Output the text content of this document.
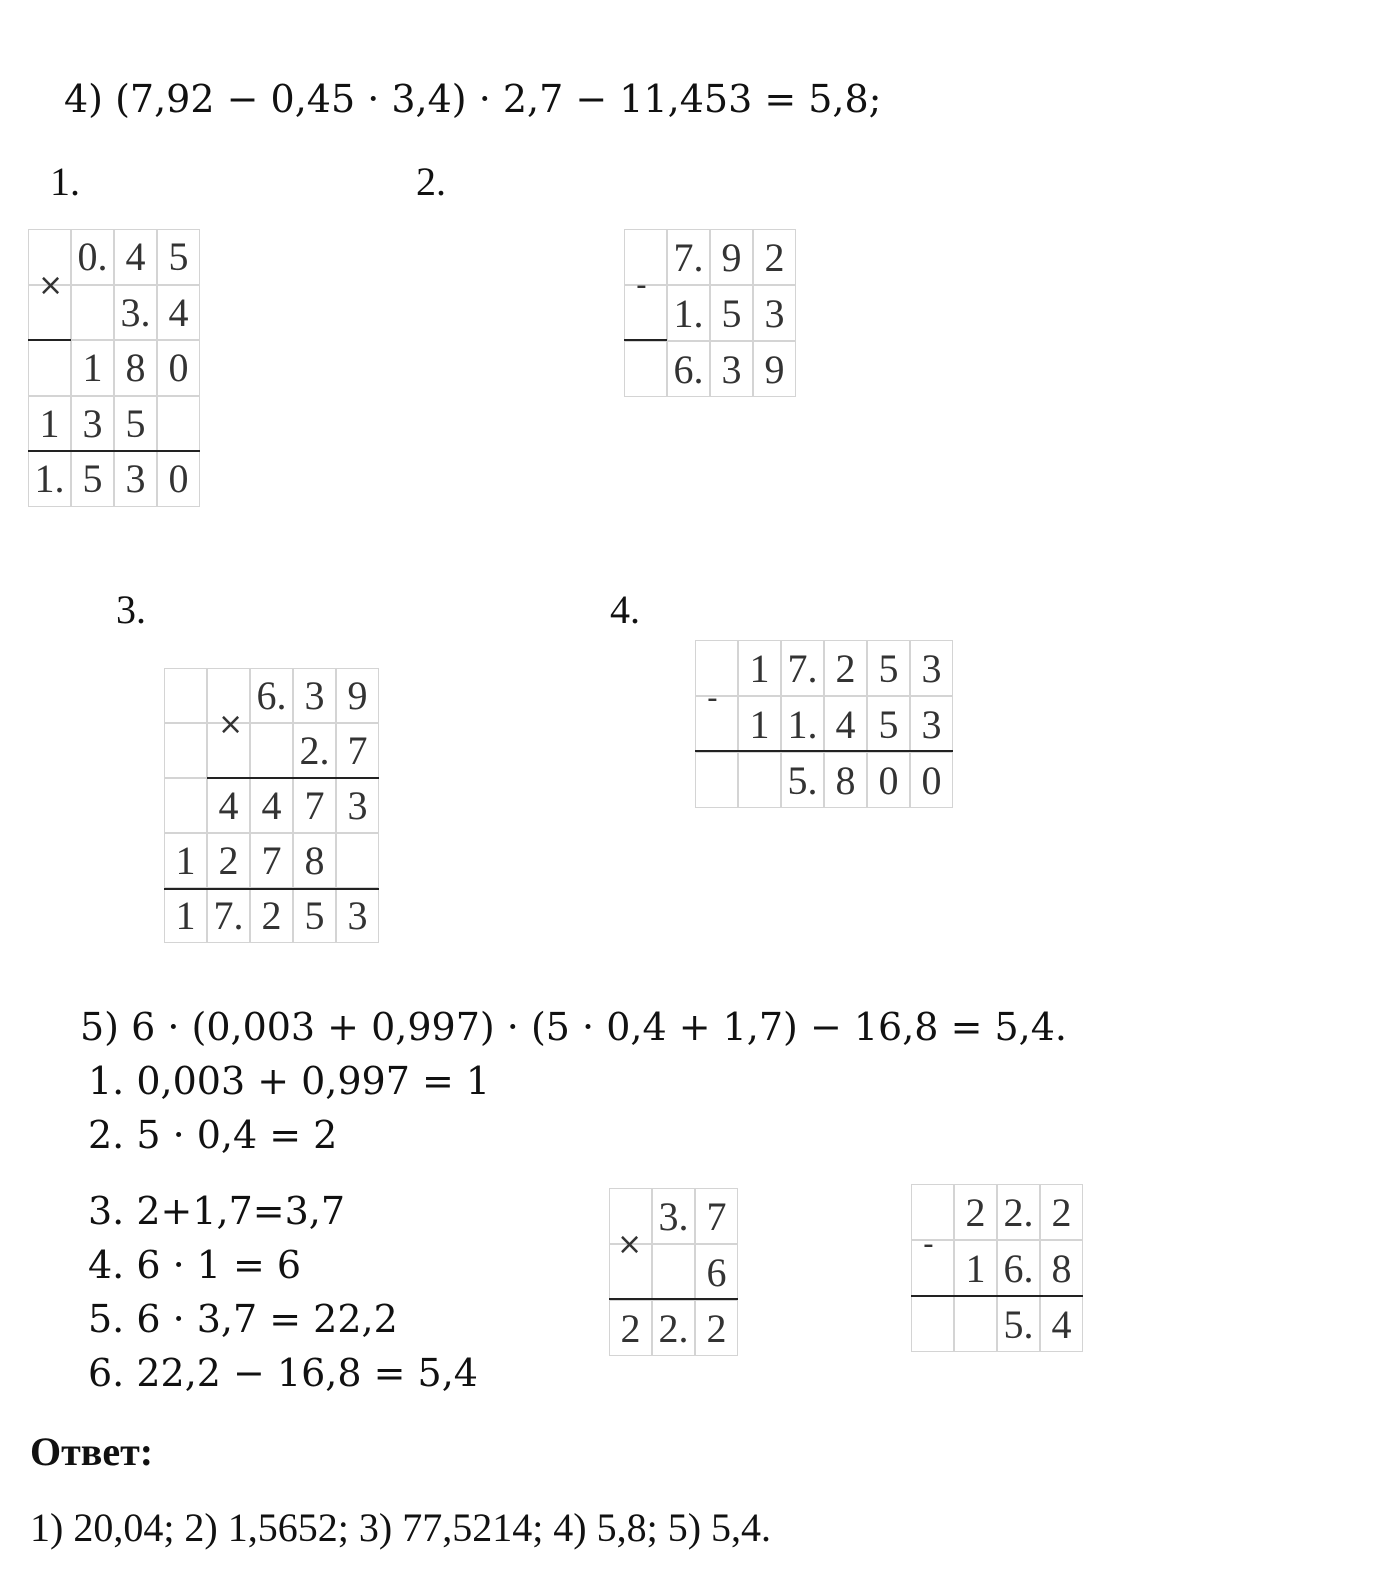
4) (7,92 − 0,45 · 3,4) · 2,7 − 11,453 = 5,8;
1.	2.
3.	4.
0. 4 5
3. 4
1 8 0
1 3 5
1. 5 3 0
×
7. 9 2
1. 5 3
6. 3 9
-
6. 3 9
2. 7
4 4 7 3
1 2 7 8
1 7. 2 5 3
×
1 7. 2 5 3
1 1. 4 5 3
5. 8 0 0
-
5) 6 · (0,003 + 0,997) · (5 · 0,4 + 1,7) − 16,8 = 5,4.
1. 0,003 + 0,997 = 1
2. 5 · 0,4 = 2
3. 2+1,7=3,7
4. 6 · 1 = 6
5. 6 · 3,7 = 22,2
6. 22,2 − 16,8 = 5,4
3. 7
6
2 2. 2
×
2 2. 2
1 6. 8
5. 4
-
Ответ:
1) 20,04; 2) 1,5652; 3) 77,5214; 4) 5,8; 5) 5,4.
